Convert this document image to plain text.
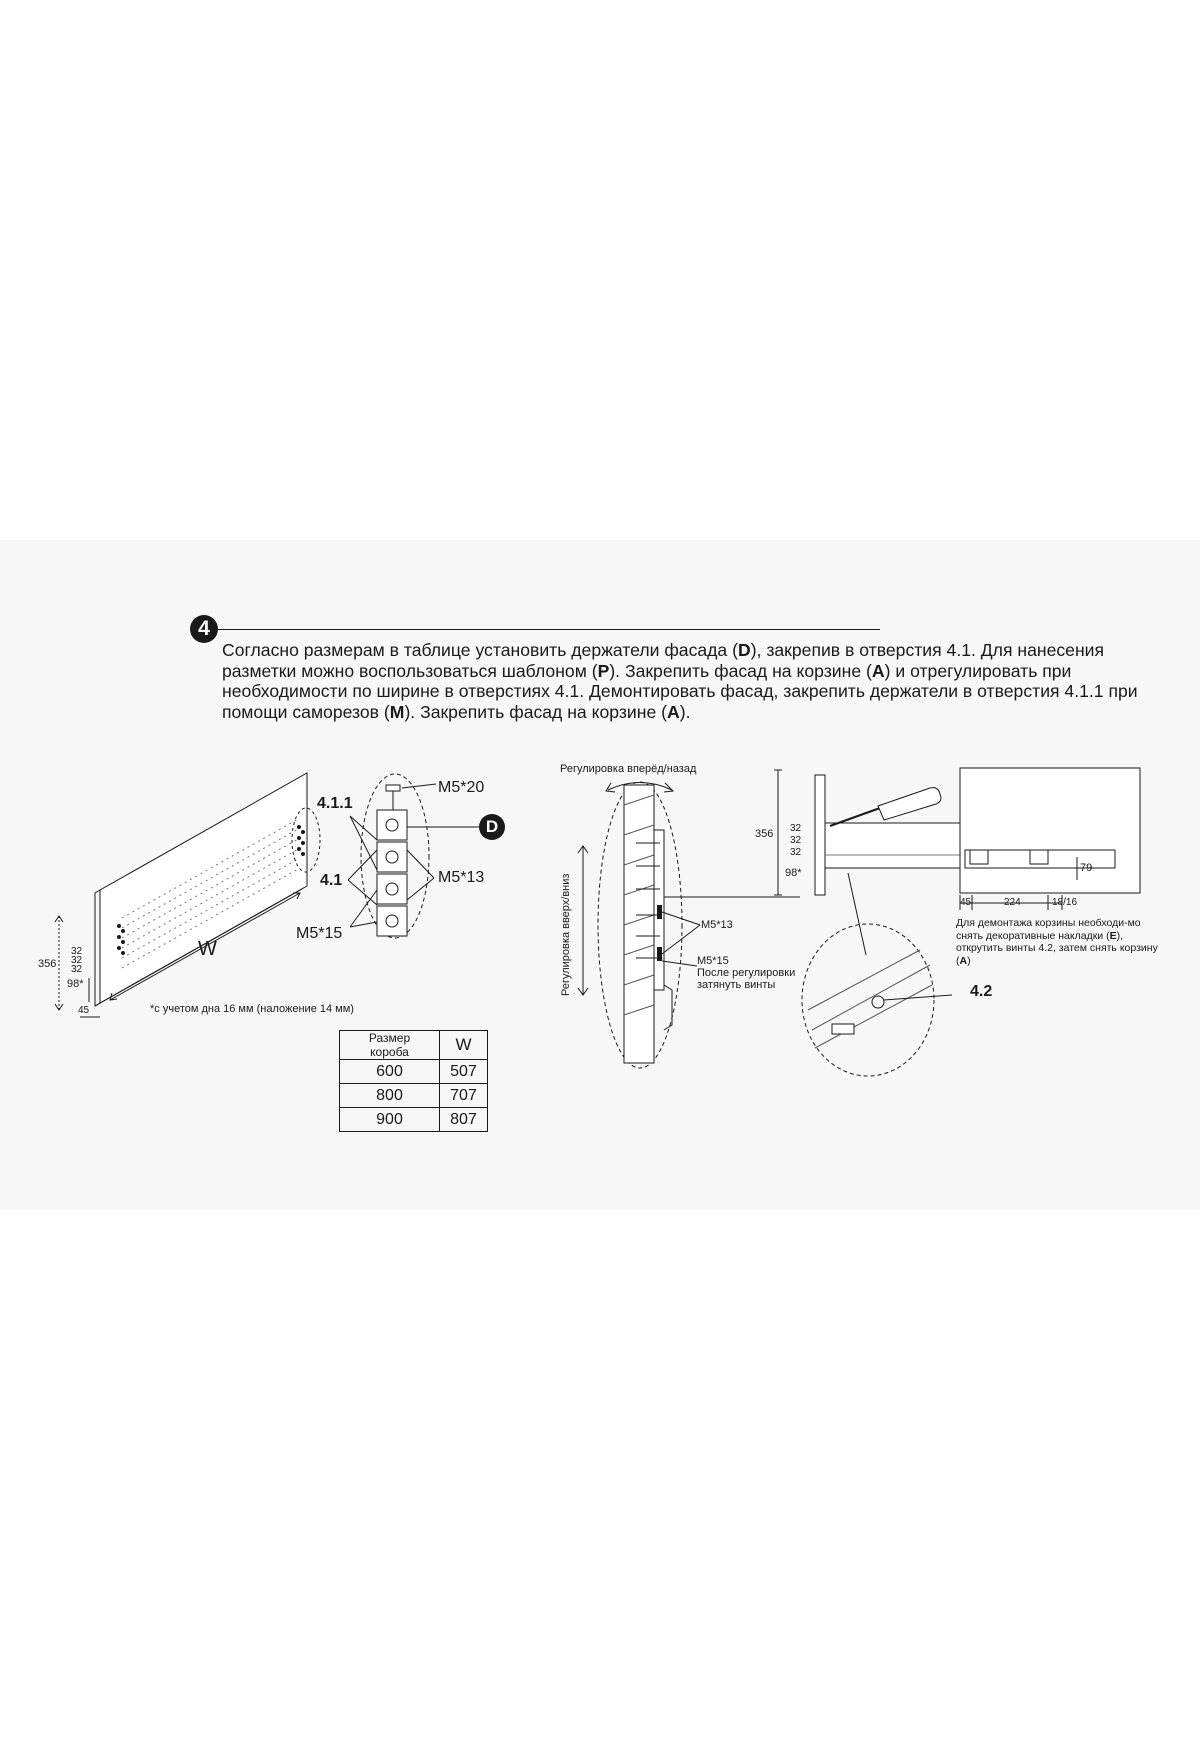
4

Согласно размерам в таблице установить держатели фасада (D), закрепив в отверстия 4.1. Для нанесения разметки можно воспользоваться шаблоном (P). Закрепить фасад на корзине (A) и отрегулировать при необходимости по ширине в отверстиях 4.1. Демонтировать фасад, закрепить держатели в отверстия 4.1.1 при помощи саморезов (M). Закрепить фасад на корзине (A).

356
32
32
32
98*
45
W
*с учетом дна 16 мм (наложение 14 мм)
4.1.1
4.1
M5*20
M5*13
M5*15
D
Размер короба	W
600	507
800	707
900	807
Регулировка вперёд/назад
Регулировка вверх/вниз	M5*13
M5*15
После регулировки затянуть винты
356 32
32
32
98*	79
45	224	18/16
Для демонтажа корзины необходи-мо снять декоративные накладки (E), открутить винты 4.2, затем снять корзину (A)
4.2
